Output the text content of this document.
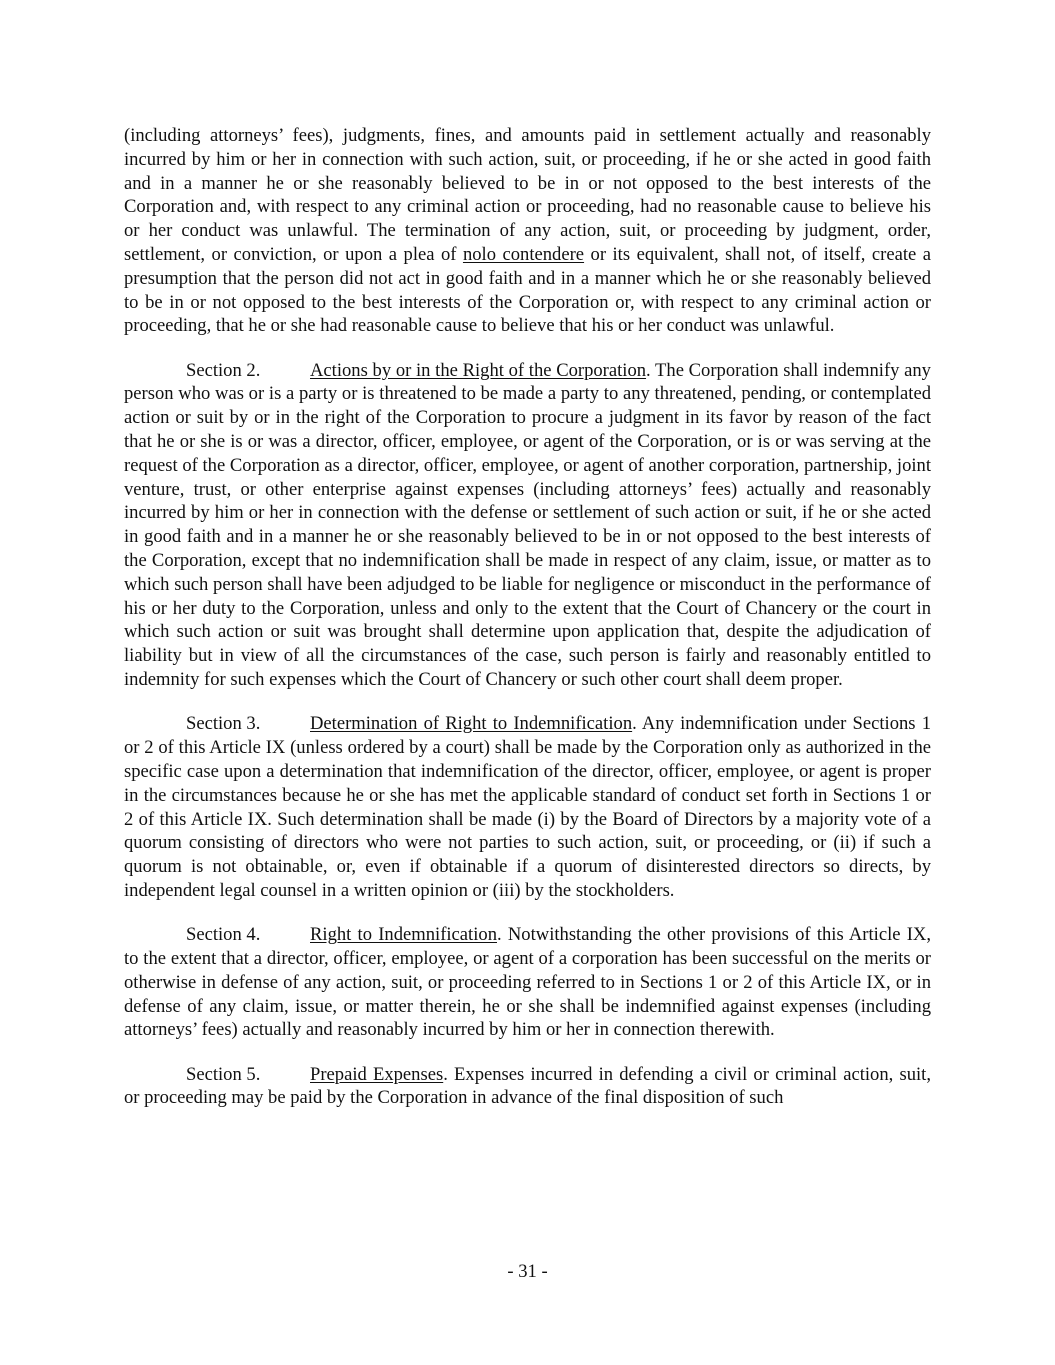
(including attorneys’ fees), judgments, fines, and amounts paid in settlement actually and reasonably incurred by him or her in connection with such action, suit, or proceeding, if he or she acted in good faith and in a manner he or she reasonably believed to be in or not opposed to the best interests of the Corporation and, with respect to any criminal action or proceeding, had no reasonable cause to believe his or her conduct was unlawful. The termination of any action, suit, or proceeding by judgment, order, settlement, or conviction, or upon a plea of nolo contendere or its equivalent, shall not, of itself, create a presumption that the person did not act in good faith and in a manner which he or she reasonably believed to be in or not opposed to the best interests of the Corporation or, with respect to any criminal action or proceeding, that he or she had reasonable cause to believe that his or her conduct was unlawful.

Section 2.	Actions by or in the Right of the Corporation. The Corporation shall indemnify any person who was or is a party or is threatened to be made a party to any threatened, pending, or contemplated action or suit by or in the right of the Corporation to procure a judgment in its favor by reason of the fact that he or she is or was a director, officer, employee, or agent of the Corporation, or is or was serving at the request of the Corporation as a director, officer, employee, or agent of another corporation, partnership, joint venture, trust, or other enterprise against expenses (including attorneys’ fees) actually and reasonably incurred by him or her in connection with the defense or settlement of such action or suit, if he or she acted in good faith and in a manner he or she reasonably believed to be in or not opposed to the best interests of the Corporation, except that no indemnification shall be made in respect of any claim, issue, or matter as to which such person shall have been adjudged to be liable for negligence or misconduct in the performance of his or her duty to the Corporation, unless and only to the extent that the Court of Chancery or the court in which such action or suit was brought shall determine upon application that, despite the adjudication of liability but in view of all the circumstances of the case, such person is fairly and reasonably entitled to indemnity for such expenses which the Court of Chancery or such other court shall deem proper.

Section 3.	Determination of Right to Indemnification. Any indemnification under Sections 1 or 2 of this Article IX (unless ordered by a court) shall be made by the Corporation only as authorized in the specific case upon a determination that indemnification of the director, officer, employee, or agent is proper in the circumstances because he or she has met the applicable standard of conduct set forth in Sections 1 or 2 of this Article IX. Such determination shall be made (i) by the Board of Directors by a majority vote of a quorum consisting of directors who were not parties to such action, suit, or proceeding, or (ii) if such a quorum is not obtainable, or, even if obtainable if a quorum of disinterested directors so directs, by independent legal counsel in a written opinion or (iii) by the stockholders.

Section 4.	Right to Indemnification. Notwithstanding the other provisions of this Article IX, to the extent that a director, officer, employee, or agent of a corporation has been successful on the merits or otherwise in defense of any action, suit, or proceeding referred to in Sections 1 or 2 of this Article IX, or in defense of any claim, issue, or matter therein, he or she shall be indemnified against expenses (including attorneys’ fees) actually and reasonably incurred by him or her in connection therewith.

Section 5.	Prepaid Expenses. Expenses incurred in defending a civil or criminal action, suit, or proceeding may be paid by the Corporation in advance of the final disposition of such

- 31 -
